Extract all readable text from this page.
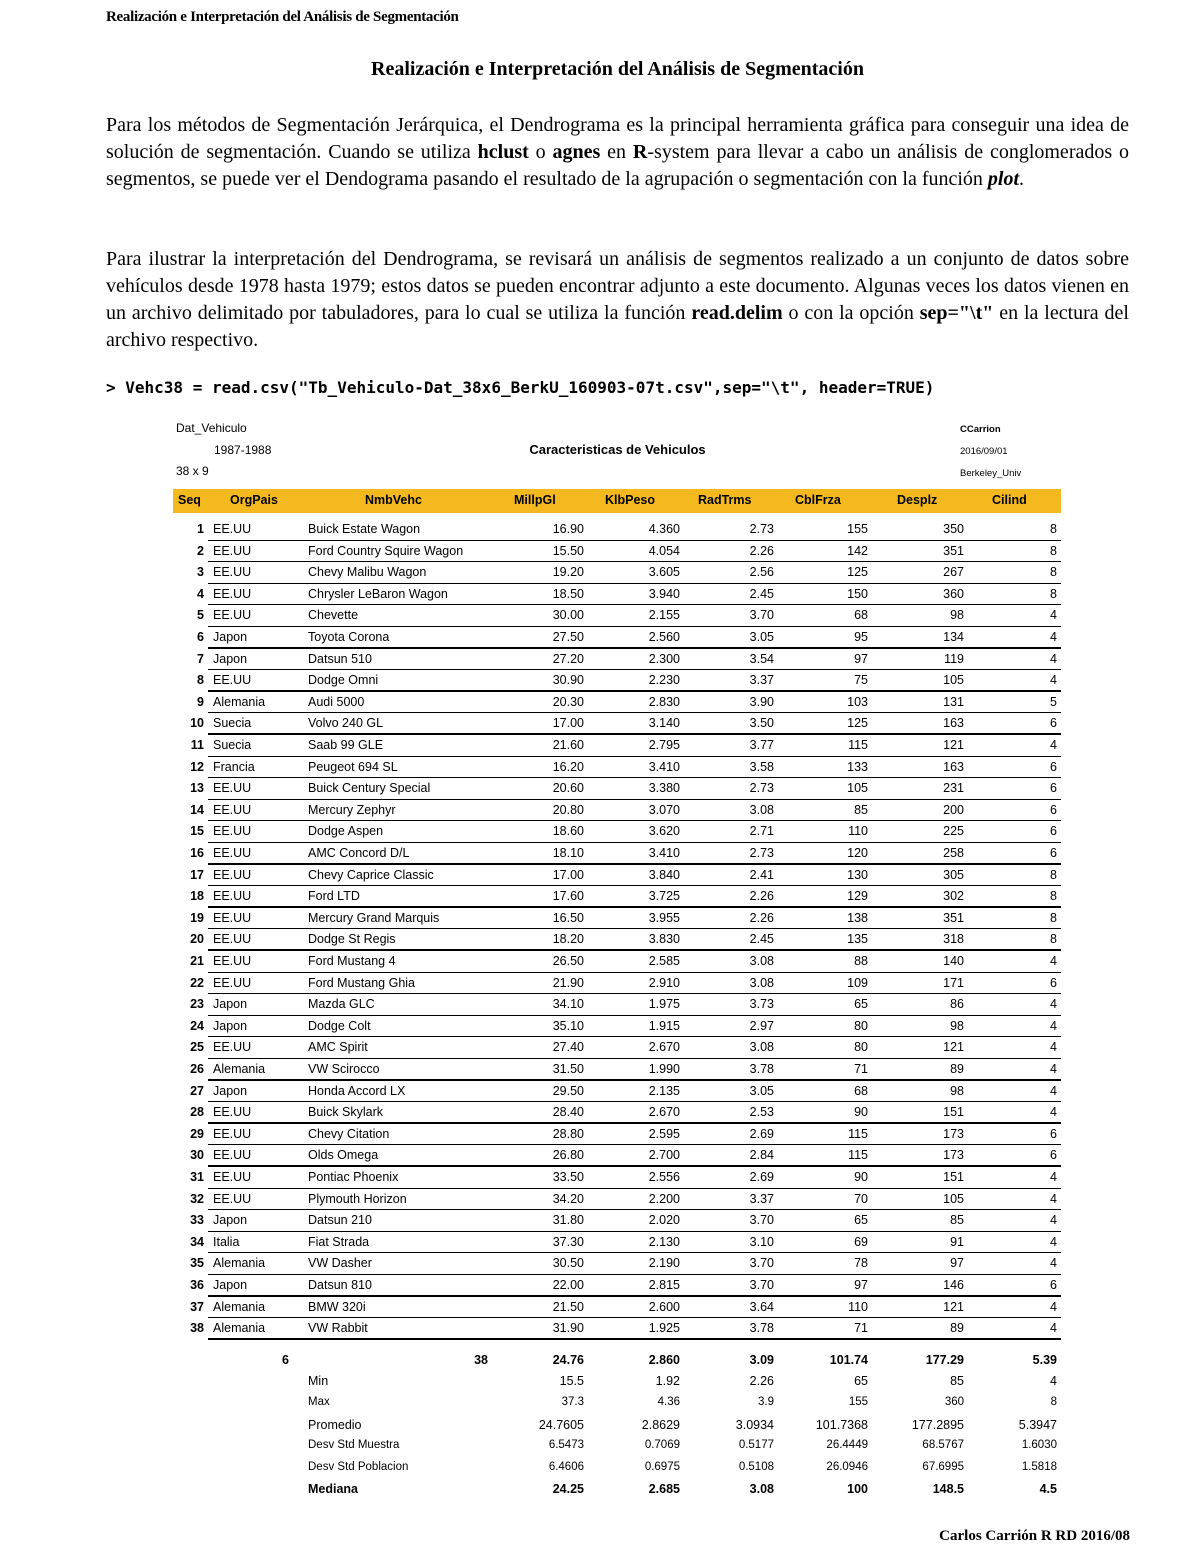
Realización e Interpretación del Análisis de Segmentación
Realización e Interpretación del Análisis de Segmentación

Para los métodos de Segmentación Jerárquica, el Dendrograma es la principal herramienta gráfica para conseguir una idea de solución de segmentación. Cuando se utiliza hclust o agnes en R-system para llevar a cabo un análisis de conglomerados o segmentos, se puede ver el Dendograma pasando el resultado de la agrupación o segmentación con la función plot.

Para ilustrar la interpretación del Dendrograma, se revisará un análisis de segmentos realizado a un conjunto de datos sobre vehículos desde 1978 hasta 1979; estos datos se pueden encontrar adjunto a este documento. Algunas veces los datos vienen en un archivo delimitado por tabuladores, para lo cual se utiliza la función read.delim o con la opción sep="\t" en la lectura del archivo respectivo.

> Vehc38 = read.csv("Tb_Vehiculo-Dat_38x6_BerkU_160903-07t.csv",sep="\t", header=TRUE)
Dat_Vehiculo
1987-1988
38 x 9
Caracteristicas de Vehiculos
CCarrion
2016/09/01
Berkeley_Univ
Seq OrgPais	NmbVehc	MillpGl	KlbPeso	RadTrms	CblFrza	Desplz	Cilind
1 EE.UU	Buick Estate Wagon	16.90	4.360	2.73	155	350	8
2 EE.UU	Ford Country Squire Wagon	15.50	4.054	2.26	142	351	8
3 EE.UU	Chevy Malibu Wagon	19.20	3.605	2.56	125	267	8
4 EE.UU	Chrysler LeBaron Wagon	18.50	3.940	2.45	150	360	8
5 EE.UU	Chevette	30.00	2.155	3.70	68	98	4
6 Japon	Toyota Corona	27.50	2.560	3.05	95	134	4
7 Japon	Datsun 510	27.20	2.300	3.54	97	119	4
8 EE.UU	Dodge Omni	30.90	2.230	3.37	75	105	4
9 Alemania	Audi 5000	20.30	2.830	3.90	103	131	5
10 Suecia	Volvo 240 GL	17.00	3.140	3.50	125	163	6
11 Suecia	Saab 99 GLE	21.60	2.795	3.77	115	121	4
12 Francia	Peugeot 694 SL	16.20	3.410	3.58	133	163	6
13 EE.UU	Buick Century Special	20.60	3.380	2.73	105	231	6
14 EE.UU	Mercury Zephyr	20.80	3.070	3.08	85	200	6
15 EE.UU	Dodge Aspen	18.60	3.620	2.71	110	225	6
16 EE.UU	AMC Concord D/L	18.10	3.410	2.73	120	258	6
17 EE.UU	Chevy Caprice Classic	17.00	3.840	2.41	130	305	8
18 EE.UU	Ford LTD	17.60	3.725	2.26	129	302	8
19 EE.UU	Mercury Grand Marquis	16.50	3.955	2.26	138	351	8
20 EE.UU	Dodge St Regis	18.20	3.830	2.45	135	318	8
21 EE.UU	Ford Mustang 4	26.50	2.585	3.08	88	140	4
22 EE.UU	Ford Mustang Ghia	21.90	2.910	3.08	109	171	6
23 Japon	Mazda GLC	34.10	1.975	3.73	65	86	4
24 Japon	Dodge Colt	35.10	1.915	2.97	80	98	4
25 EE.UU	AMC Spirit	27.40	2.670	3.08	80	121	4
26 Alemania	VW Scirocco	31.50	1.990	3.78	71	89	4
27 Japon	Honda Accord LX	29.50	2.135	3.05	68	98	4
28 EE.UU	Buick Skylark	28.40	2.670	2.53	90	151	4
29 EE.UU	Chevy Citation	28.80	2.595	2.69	115	173	6
30 EE.UU	Olds Omega	26.80	2.700	2.84	115	173	6
31 EE.UU	Pontiac Phoenix	33.50	2.556	2.69	90	151	4
32 EE.UU	Plymouth Horizon	34.20	2.200	3.37	70	105	4
33 Japon	Datsun 210	31.80	2.020	3.70	65	85	4
34 Italia	Fiat Strada	37.30	2.130	3.10	69	91	4
35 Alemania	VW Dasher	30.50	2.190	3.70	78	97	4
36 Japon	Datsun 810	22.00	2.815	3.70	97	146	6
37 Alemania	BMW 320i	21.50	2.600	3.64	110	121	4
38 Alemania	VW Rabbit	31.90	1.925	3.78	71	89	4
6	38	24.76	2.860	3.09	101.74	177.29	5.39
Min	15.5	1.92	2.26	65	85	4
Max	37.3	4.36	3.9	155	360	8
Promedio	24.7605	2.8629	3.0934	101.7368	177.2895	5.3947
Desv Std Muestra	6.5473	0.7069	0.5177	26.4449	68.5767	1.6030
Desv Std Poblacion	6.4606	0.6975	0.5108	26.0946	67.6995	1.5818
Mediana	24.25	2.685	3.08	100	148.5	4.5
Carlos Carrión R RD 2016/08
